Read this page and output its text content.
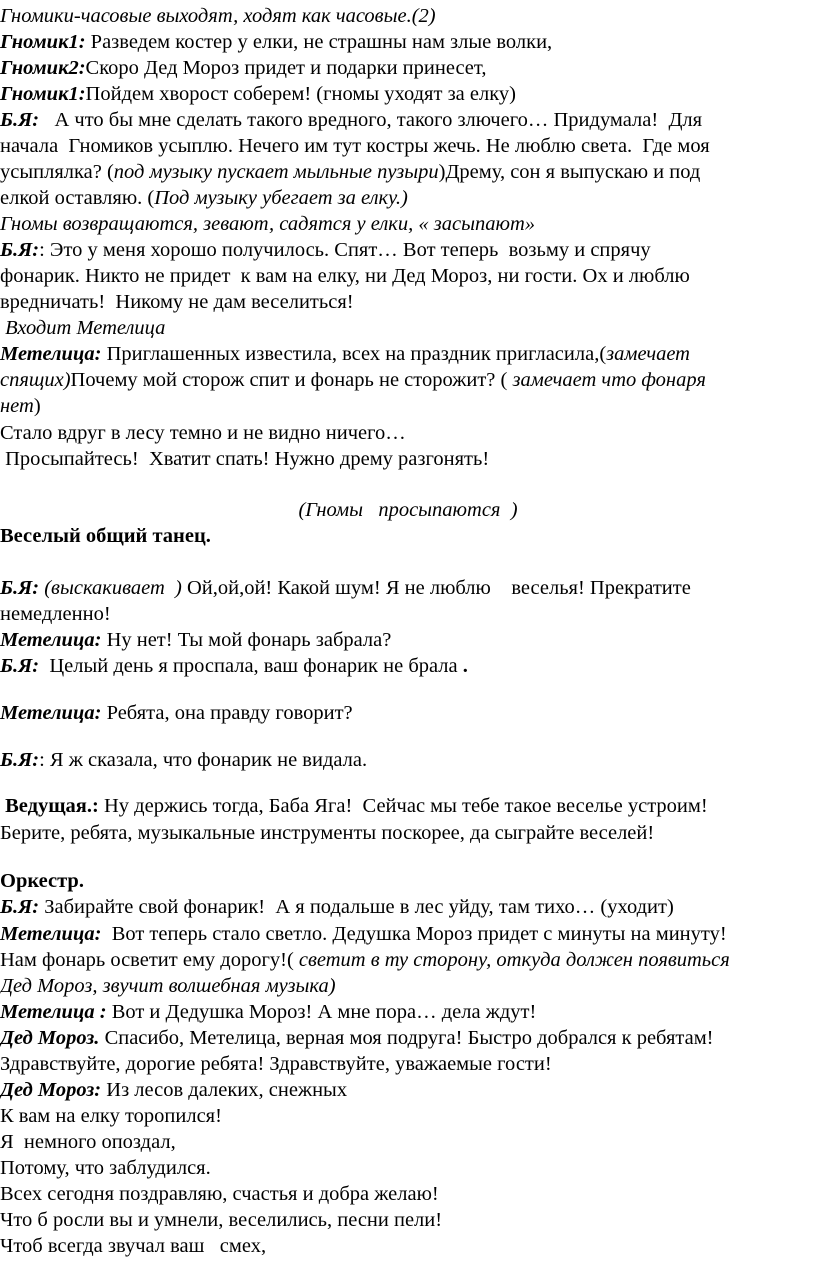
Гномики-часовые выходят, ходят как часовые.(2)
Гномик1: Разведем костер у елки, не страшны нам злые волки,
Гномик2:Скоро Дед Мороз придет и подарки принесет,
Гномик1:Пойдем хворост соберем! (гномы уходят за елку)
Б.Я:   А что бы мне сделать такого вредного, такого злючего… Придумала!  Для
начала  Гномиков усыплю. Нечего им тут костры жечь. Не люблю света.  Где моя
усыплялка? (под музыку пускает мыльные пузыри)Дрему, сон я выпускаю и под
елкой оставляю. (Под музыку убегает за елку.)
Гномы возвращаются, зевают, садятся у елки, « засыпают»
Б.Я:: Это у меня хорошо получилось. Спят… Вот теперь  возьму и спрячу
фонарик. Никто не придет  к вам на елку, ни Дед Мороз, ни гости. Ох и люблю
вредничать!  Никому не дам веселиться!
Входит Метелица
Метелица: Приглашенных известила, всех на праздник пригласила,(замечает
спящих)Почему мой сторож спит и фонарь не сторожит? ( замечает что фонаря
нет)
Стало вдруг в лесу темно и не видно ничего…
Просыпайтесь!  Хватит спать! Нужно дрему разгонять!
(Гномы   просыпаются  )
Веселый общий танец.
Б.Я: (выскакивает  ) Ой,ой,ой! Какой шум! Я не люблю    веселья! Прекратите
немедленно!
Метелица: Ну нет! Ты мой фонарь забрала?
Б.Я:  Целый день я проспала, ваш фонарик не брала .
Метелица: Ребята, она правду говорит?
Б.Я:: Я ж сказала, что фонарик не видала.
Ведущая.: Ну держись тогда, Баба Яга!  Сейчас мы тебе такое веселье устроим!
Берите, ребята, музыкальные инструменты поскорее, да сыграйте веселей!
Оркестр.
Б.Я: Забирайте свой фонарик!  А я подальше в лес уйду, там тихо… (уходит)
Метелица:  Вот теперь стало светло. Дедушка Мороз придет с минуты на минуту!
Нам фонарь осветит ему дорогу!( светит в ту сторону, откуда должен появиться
Дед Мороз, звучит волшебная музыка)
Метелица : Вот и Дедушка Мороз! А мне пора… дела ждут!
Дед Мороз. Спасибо, Метелица, верная моя подруга! Быстро добрался к ребятам!
Здравствуйте, дорогие ребята! Здравствуйте, уважаемые гости!
Дед Мороз: Из лесов далеких, снежных
К вам на елку торопился!
Я  немного опоздал,
Потому, что заблудился.
Всех сегодня поздравляю, счастья и добра желаю!
Что б росли вы и умнели, веселились, песни пели!
Чтоб всегда звучал ваш   смех,
